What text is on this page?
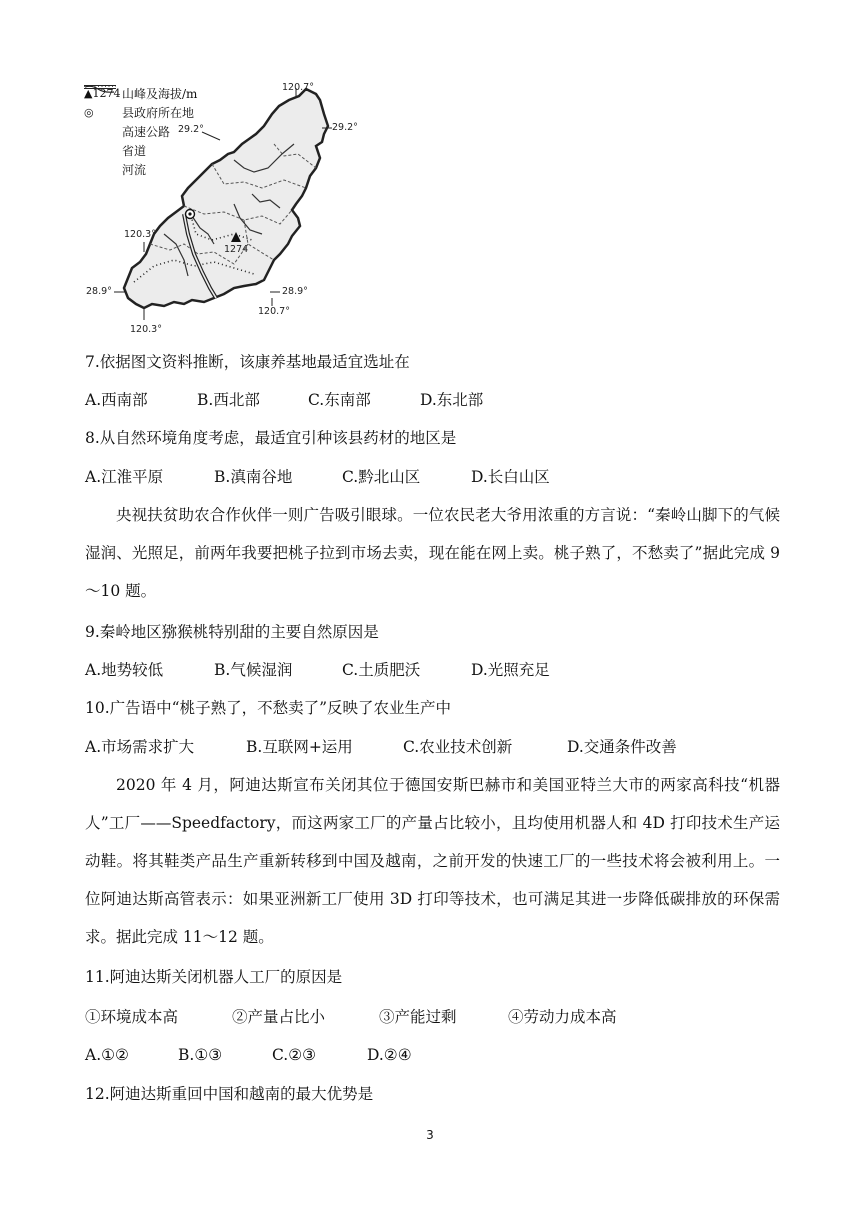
▲1274 山峰及海拔/m
◎	县政府所在地
高速公路
省道
河流
120.7°
29.2°	29.2°
120.3°
28.9°	28.9°
120.7°
120.3°
1274
7.依据图文资料推断，该康养基地最适宜选址在
A.西南部	B.西北部	C.东南部	D.东北部
8.从自然环境角度考虑，最适宜引种该县药材的地区是
A.江淮平原	B.滇南谷地	C.黔北山区	D.长白山区

央视扶贫助农合作伙伴一则广告吸引眼球。一位农民老大爷用浓重的方言说：“秦岭山脚下的气候湿润、光照足，前两年我要把桃子拉到市场去卖，现在能在网上卖。桃子熟了，不愁卖了”据此完成 9～10 题。

9.秦岭地区猕猴桃特别甜的主要自然原因是
A.地势较低	B.气候湿润	C.土质肥沃	D.光照充足
10.广告语中“桃子熟了，不愁卖了”反映了农业生产中
A.市场需求扩大	B.互联网+运用	C.农业技术创新	D.交通条件改善

2020 年 4 月，阿迪达斯宣布关闭其位于德国安斯巴赫市和美国亚特兰大市的两家高科技“机器人”工厂——Speedfactory，而这两家工厂的产量占比较小，且均使用机器人和 4D 打印技术生产运动鞋。将其鞋类产品生产重新转移到中国及越南，之前开发的快速工厂的一些技术将会被利用上。一位阿迪达斯高管表示：如果亚洲新工厂使用 3D 打印等技术，也可满足其进一步降低碳排放的环保需求。据此完成 11～12 题。

11.阿迪达斯关闭机器人工厂的原因是
①环境成本高	②产量占比小	③产能过剩	④劳动力成本高
A.①②	B.①③	C.②③	D.②④
12.阿迪达斯重回中国和越南的最大优势是
3
